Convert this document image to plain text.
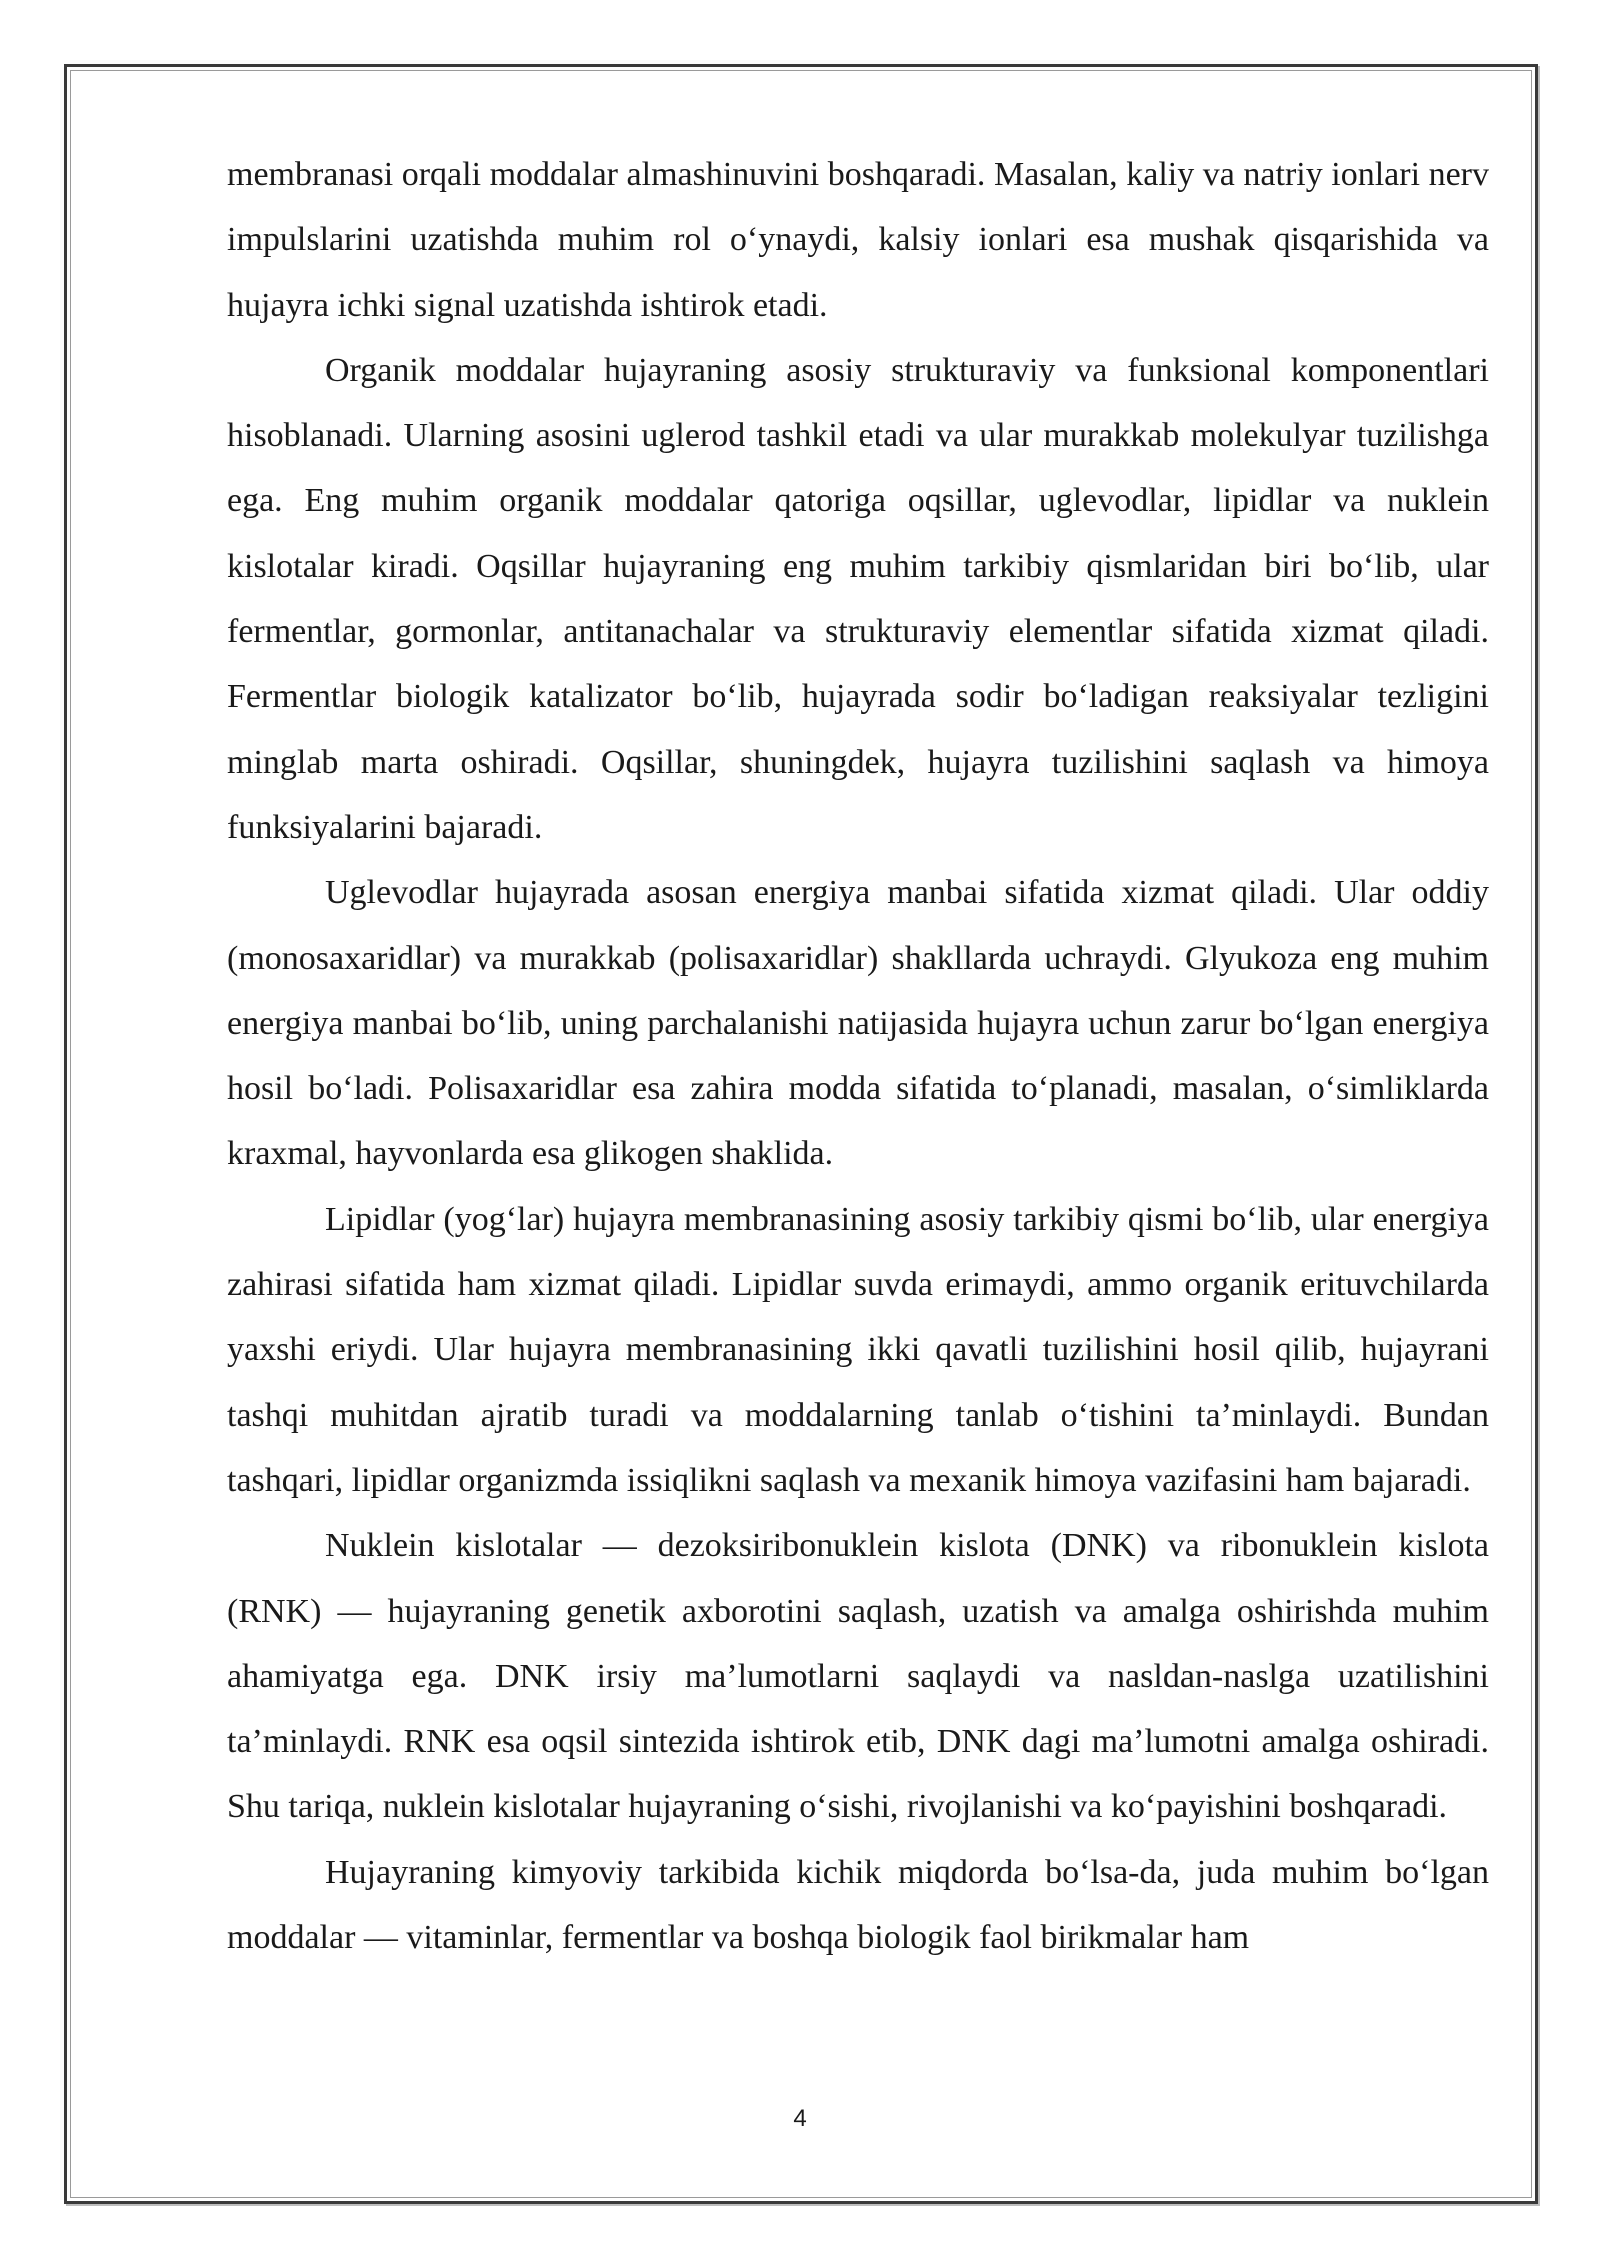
membranasi orqali moddalar almashinuvini boshqaradi. Masalan, kaliy va natriy ionlari nerv impulslarini uzatishda muhim rol o‘ynaydi, kalsiy ionlari esa mushak qisqarishida va hujayra ichki signal uzatishda ishtirok etadi.

Organik moddalar hujayraning asosiy strukturaviy va funksional komponentlari hisoblanadi. Ularning asosini uglerod tashkil etadi va ular murakkab molekulyar tuzilishga ega. Eng muhim organik moddalar qatoriga oqsillar, uglevodlar, lipidlar va nuklein kislotalar kiradi. Oqsillar hujayraning eng muhim tarkibiy qismlaridan biri bo‘lib, ular fermentlar, gormonlar, antitanachalar va strukturaviy elementlar sifatida xizmat qiladi. Fermentlar biologik katalizator bo‘lib, hujayrada sodir bo‘ladigan reaksiyalar tezligini minglab marta oshiradi. Oqsillar, shuningdek, hujayra tuzilishini saqlash va himoya funksiyalarini bajaradi.

Uglevodlar hujayrada asosan energiya manbai sifatida xizmat qiladi. Ular oddiy (monosaxaridlar) va murakkab (polisaxaridlar) shakllarda uchraydi. Glyukoza eng muhim energiya manbai bo‘lib, uning parchalanishi natijasida hujayra uchun zarur bo‘lgan energiya hosil bo‘ladi. Polisaxaridlar esa zahira modda sifatida to‘planadi, masalan, o‘simliklarda kraxmal, hayvonlarda esa glikogen shaklida.

Lipidlar (yog‘lar) hujayra membranasining asosiy tarkibiy qismi bo‘lib, ular energiya zahirasi sifatida ham xizmat qiladi. Lipidlar suvda erimaydi, ammo organik erituvchilarda yaxshi eriydi. Ular hujayra membranasining ikki qavatli tuzilishini hosil qilib, hujayrani tashqi muhitdan ajratib turadi va moddalarning tanlab o‘tishini ta’minlaydi. Bundan tashqari, lipidlar organizmda issiqlikni saqlash va mexanik himoya vazifasini ham bajaradi.

Nuklein kislotalar — dezoksiribonuklein kislota (DNK) va ribonuklein kislota (RNK) — hujayraning genetik axborotini saqlash, uzatish va amalga oshirishda muhim ahamiyatga ega. DNK irsiy ma’lumotlarni saqlaydi va nasldan-naslga uzatilishini ta’minlaydi. RNK esa oqsil sintezida ishtirok etib, DNK dagi ma’lumotni amalga oshiradi. Shu tariqa, nuklein kislotalar hujayraning o‘sishi, rivojlanishi va ko‘payishini boshqaradi.

Hujayraning kimyoviy tarkibida kichik miqdorda bo‘lsa-da, juda muhim bo‘lgan moddalar — vitaminlar, fermentlar va boshqa biologik faol birikmalar ham

4
